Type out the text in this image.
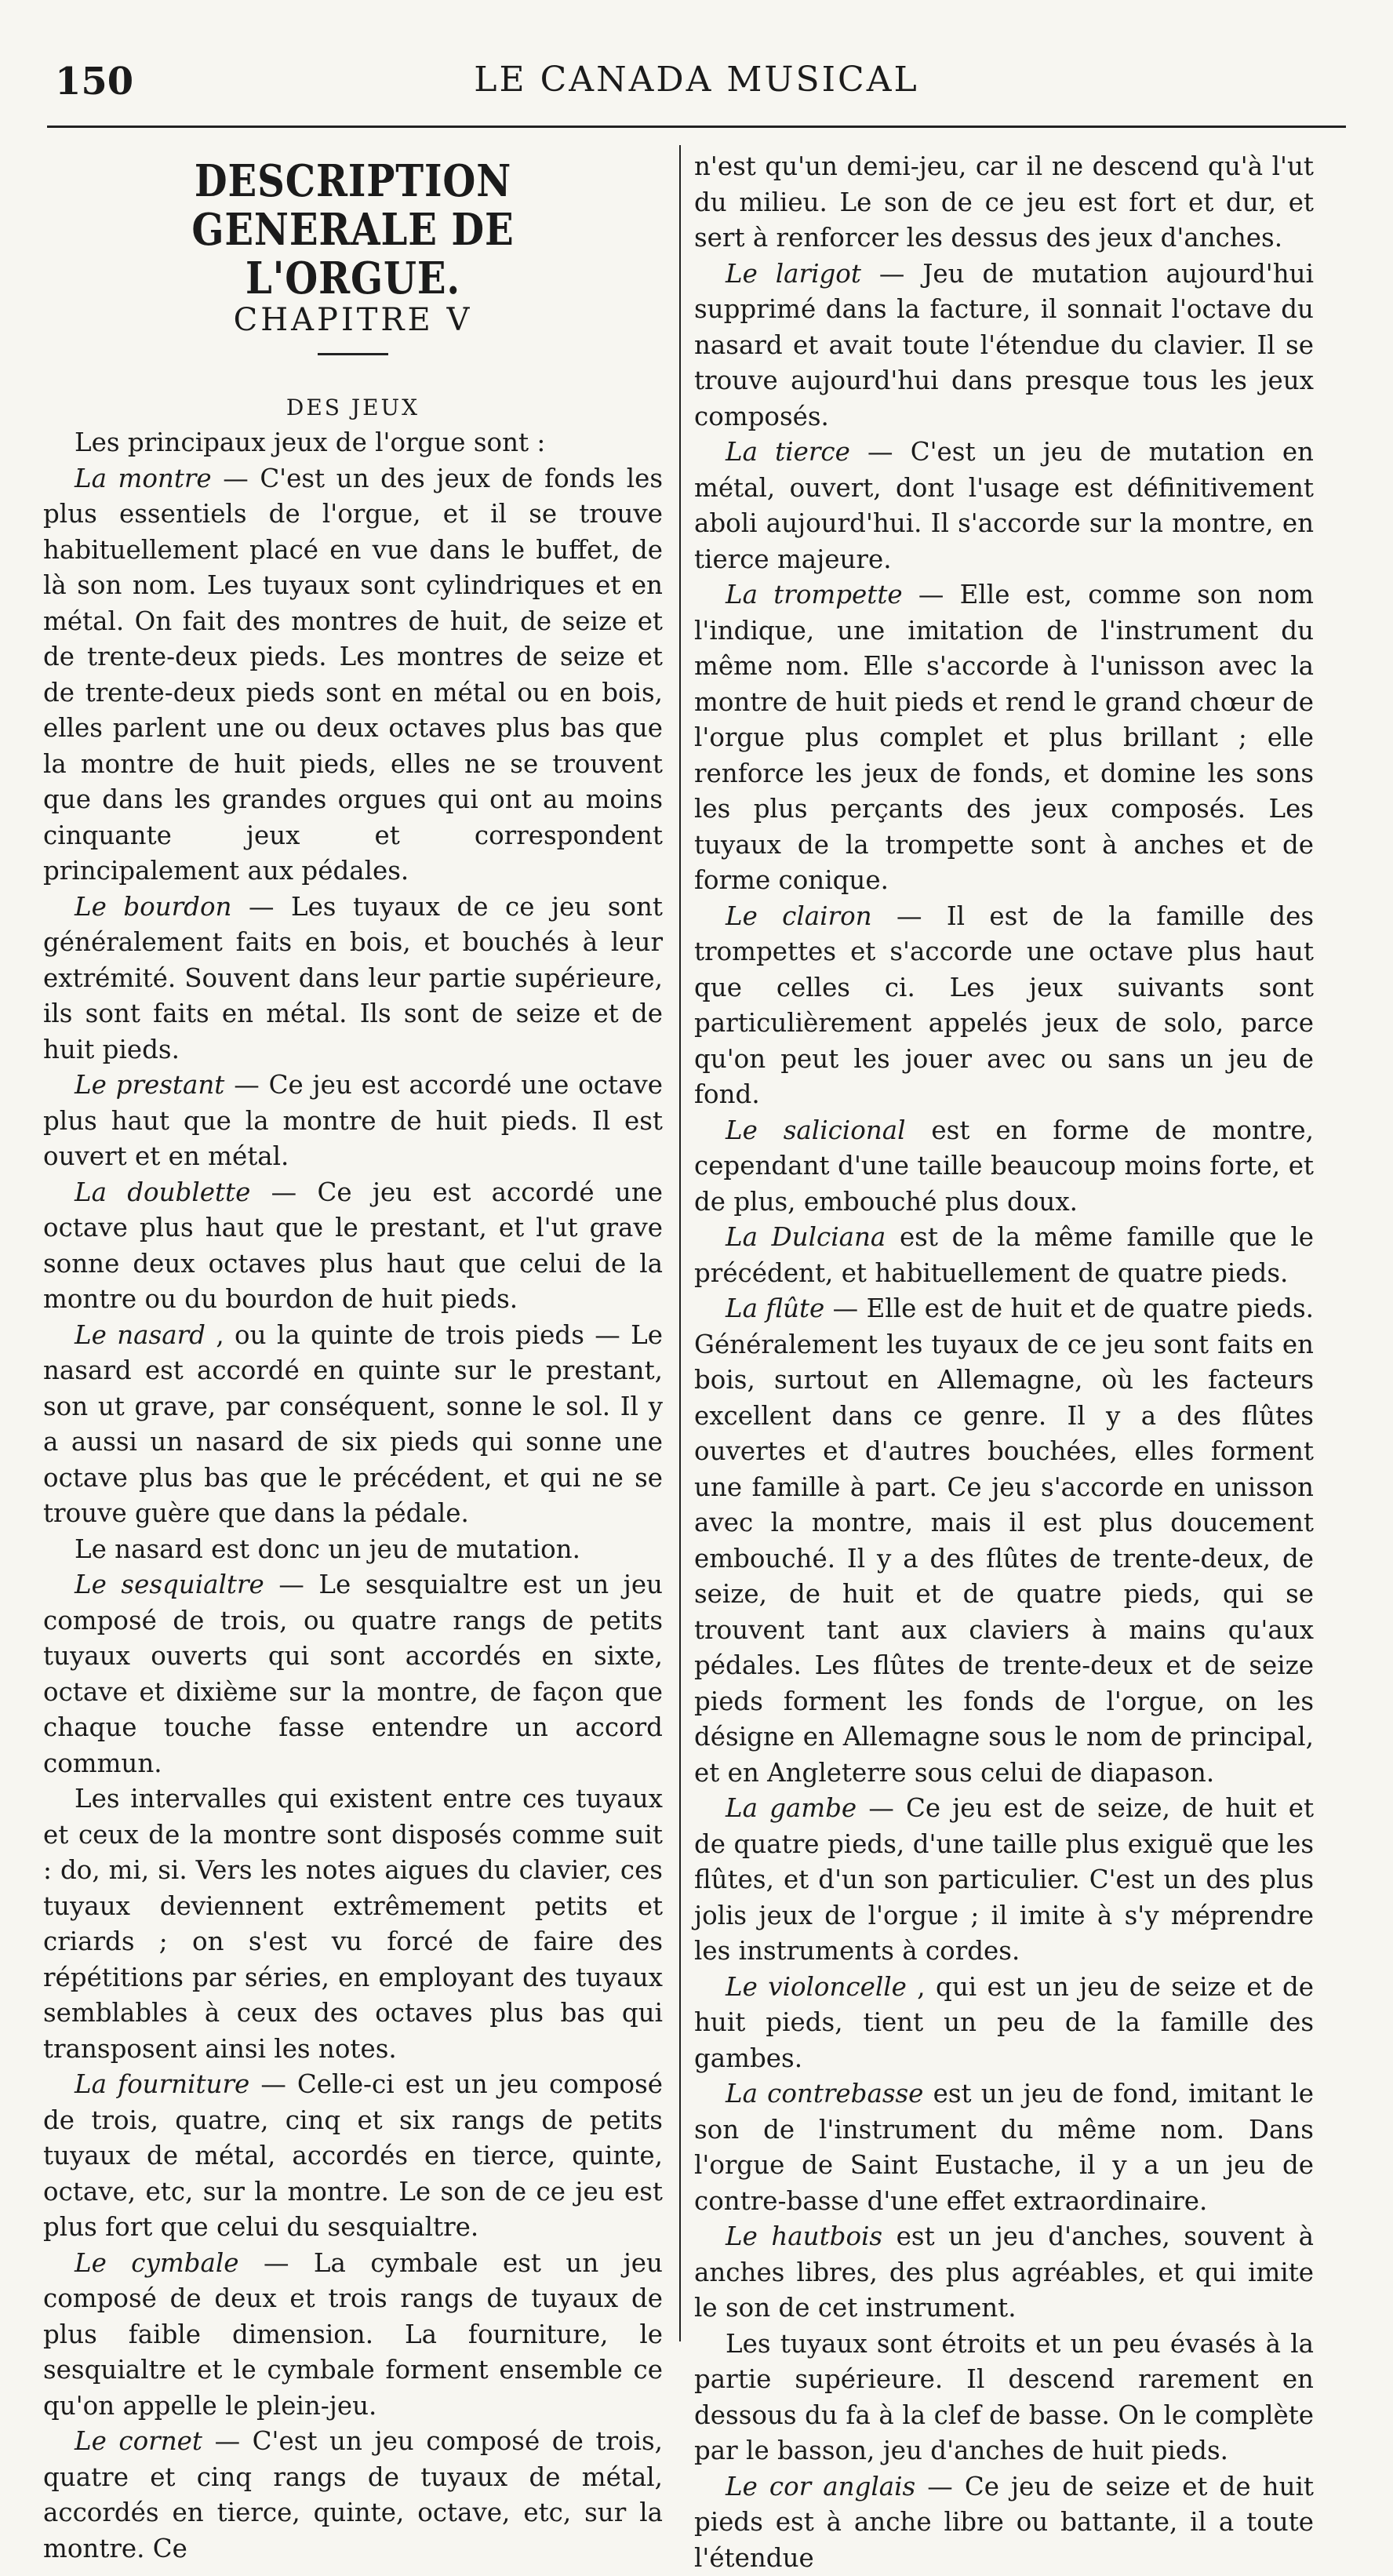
150	LE CANADA MUSICAL

DESCRIPTION GENERALE DE
L'ORGUE.

CHAPITRE V

DES JEUX

Les principaux jeux de l'orgue sont :

La montre — C'est un des jeux de fonds les plus essentiels de l'orgue, et il se trouve habituellement placé en vue dans le buffet, de là son nom. Les tuyaux sont cylindriques et en métal. On fait des montres de huit, de seize et de trente-deux pieds. Les montres de seize et de trente-deux pieds sont en métal ou en bois, elles parlent une ou deux octaves plus bas que la montre de huit pieds, elles ne se trouvent que dans les grandes orgues qui ont au moins cinquante jeux et correspondent principalement aux pédales.

Le bourdon — Les tuyaux de ce jeu sont généralement faits en bois, et bouchés à leur extrémité. Souvent dans leur partie supérieure, ils sont faits en métal. Ils sont de seize et de huit pieds.

Le prestant — Ce jeu est accordé une octave plus haut que la montre de huit pieds. Il est ouvert et en métal.

La doublette — Ce jeu est accordé une octave plus haut que le prestant, et l'ut grave sonne deux octaves plus haut que celui de la montre ou du bourdon de huit pieds.

Le nasard , ou la quinte de trois pieds — Le nasard est accordé en quinte sur le prestant, son ut grave, par conséquent, sonne le sol. Il y a aussi un nasard de six pieds qui sonne une octave plus bas que le précédent, et qui ne se trouve guère que dans la pédale.

Le nasard est donc un jeu de mutation.

Le sesquialtre — Le sesquialtre est un jeu composé de trois, ou quatre rangs de petits tuyaux ouverts qui sont accordés en sixte, octave et dixième sur la montre, de façon que chaque touche fasse entendre un accord commun.

Les intervalles qui existent entre ces tuyaux et ceux de la montre sont disposés comme suit : do, mi, si. Vers les notes aigues du clavier, ces tuyaux deviennent extrêmement petits et criards ; on s'est vu forcé de faire des répétitions par séries, en employant des tuyaux semblables à ceux des octaves plus bas qui transposent ainsi les notes.

La fourniture — Celle-ci est un jeu composé de trois, quatre, cinq et six rangs de petits tuyaux de métal, accordés en tierce, quinte, octave, etc, sur la montre. Le son de ce jeu est plus fort que celui du sesquialtre.

Le cymbale — La cymbale est un jeu composé de deux et trois rangs de tuyaux de plus faible dimension. La fourniture, le sesquialtre et le cymbale forment ensemble ce qu'on appelle le plein-jeu.

Le cornet — C'est un jeu composé de trois, quatre et cinq rangs de tuyaux de métal, accordés en tierce, quinte, octave, etc, sur la montre. Ce

n'est qu'un demi-jeu, car il ne descend qu'à l'ut du milieu. Le son de ce jeu est fort et dur, et sert à renforcer les dessus des jeux d'anches.

Le larigot — Jeu de mutation aujourd'hui supprimé dans la facture, il sonnait l'octave du nasard et avait toute l'étendue du clavier. Il se trouve aujourd'hui dans presque tous les jeux composés.

La tierce — C'est un jeu de mutation en métal, ouvert, dont l'usage est définitivement aboli aujourd'hui. Il s'accorde sur la montre, en tierce majeure.

La trompette — Elle est, comme son nom l'indique, une imitation de l'instrument du même nom. Elle s'accorde à l'unisson avec la montre de huit pieds et rend le grand chœur de l'orgue plus complet et plus brillant ; elle renforce les jeux de fonds, et domine les sons les plus perçants des jeux composés. Les tuyaux de la trompette sont à anches et de forme conique.

Le clairon — Il est de la famille des trompettes et s'accorde une octave plus haut que celles ci. Les jeux suivants sont particulièrement appelés jeux de solo, parce qu'on peut les jouer avec ou sans un jeu de fond.

Le salicional est en forme de montre, cependant d'une taille beaucoup moins forte, et de plus, embouché plus doux.

La Dulciana est de la même famille que le précédent, et habituellement de quatre pieds.

La flûte — Elle est de huit et de quatre pieds. Généralement les tuyaux de ce jeu sont faits en bois, surtout en Allemagne, où les facteurs excellent dans ce genre. Il y a des flûtes ouvertes et d'autres bouchées, elles forment une famille à part. Ce jeu s'accorde en unisson avec la montre, mais il est plus doucement embouché. Il y a des flûtes de trente-deux, de seize, de huit et de quatre pieds, qui se trouvent tant aux claviers à mains qu'aux pédales. Les flûtes de trente-deux et de seize pieds forment les fonds de l'orgue, on les désigne en Allemagne sous le nom de principal, et en Angleterre sous celui de diapason.

La gambe — Ce jeu est de seize, de huit et de quatre pieds, d'une taille plus exiguë que les flûtes, et d'un son particulier. C'est un des plus jolis jeux de l'orgue ; il imite à s'y méprendre les instruments à cordes.

Le violoncelle , qui est un jeu de seize et de huit pieds, tient un peu de la famille des gambes.

La contrebasse est un jeu de fond, imitant le son de l'instrument du même nom. Dans l'orgue de Saint Eustache, il y a un jeu de contre-basse d'une effet extraordinaire.

Le hautbois est un jeu d'anches, souvent à anches libres, des plus agréables, et qui imite le son de cet instrument.

Les tuyaux sont étroits et un peu évasés à la partie supérieure. Il descend rarement en dessous du fa à la clef de basse. On le complète par le basson, jeu d'anches de huit pieds.

Le cor anglais — Ce jeu de seize et de huit pieds est à anche libre ou battante, il a toute l'étendue
